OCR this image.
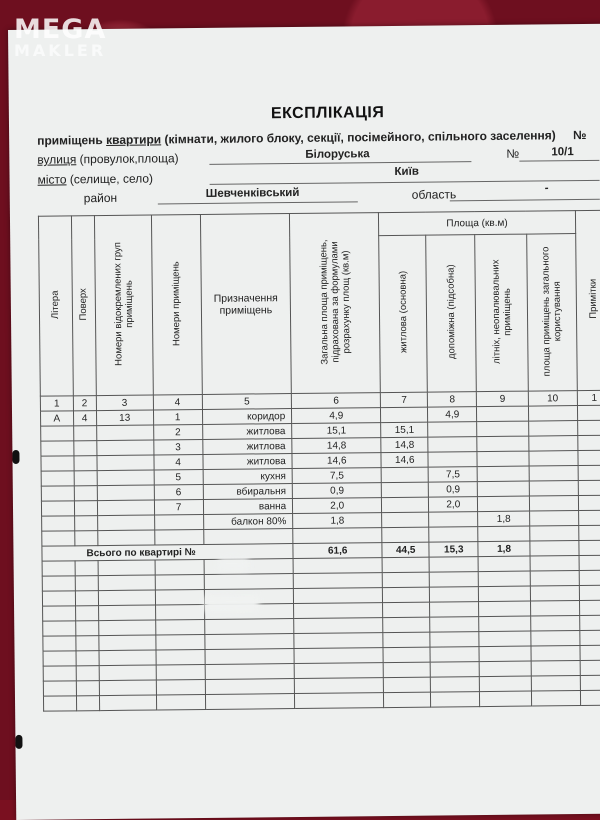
MEGA
MAKLER
ЕКСПЛІКАЦІЯ
приміщень квартири (кімнати, жилого блоку, секції, посімейного, спільного заселення) №
вулиця (провулок,площа)	Білоруська	№	10/1
місто (селище, село)	Київ
район	Шевченківський	область	-
Літера	Поверх	Номери відокремлених груп приміщень	Номери приміщень	Призначення приміщень	Загальна площа приміщень, підрахована за формулами розрахунку площ (кв.м)	Площа (кв.м)				Примітки
						житлова (основна)	допоміжна (підсобна)	літніх, неопалювальних приміщень	площа приміщень загального користування	
1	2	3	4	5	6	7	8	9	10	1
А	4	13	1	коридор	4,9		4,9			
			2	житлова	15,1	15,1				
			3	житлова	14,8	14,8				
			4	житлова	14,6	14,6				
			5	кухня	7,5		7,5			
			6	вбиральня	0,9		0,9			
			7	ванна	2,0		2,0			
				балкон 80%	1,8			1,8		

Всього по квартирі №					61,6	44,5	15,3	1,8		
